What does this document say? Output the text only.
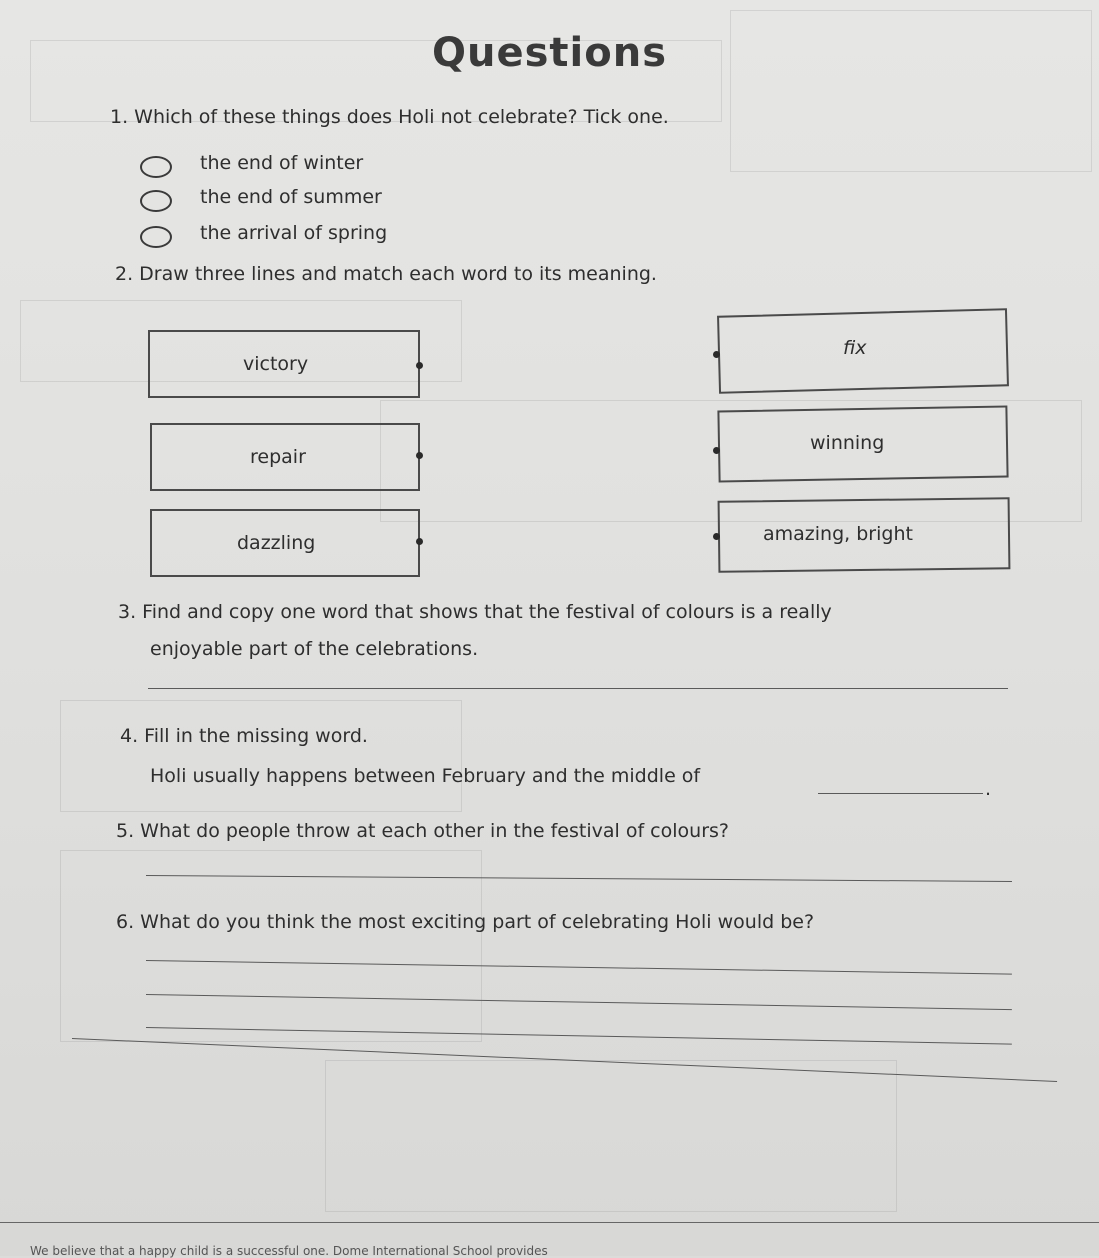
Questions
1. Which of these things does Holi not celebrate? Tick one.
the end of winter
the end of summer
the arrival of spring
2. Draw three lines and match each word to its meaning.
victory
repair
dazzling
fix
winning
amazing, bright
3. Find and copy one word that shows that the festival of colours is a really
enjoyable part of the celebrations.
4. Fill in the missing word.
Holi usually happens between February and the middle of
.
5. What do people throw at each other in the festival of colours?
6. What do you think the most exciting part of celebrating Holi would be?
We believe that a happy child is a successful one. Dome International School provides
